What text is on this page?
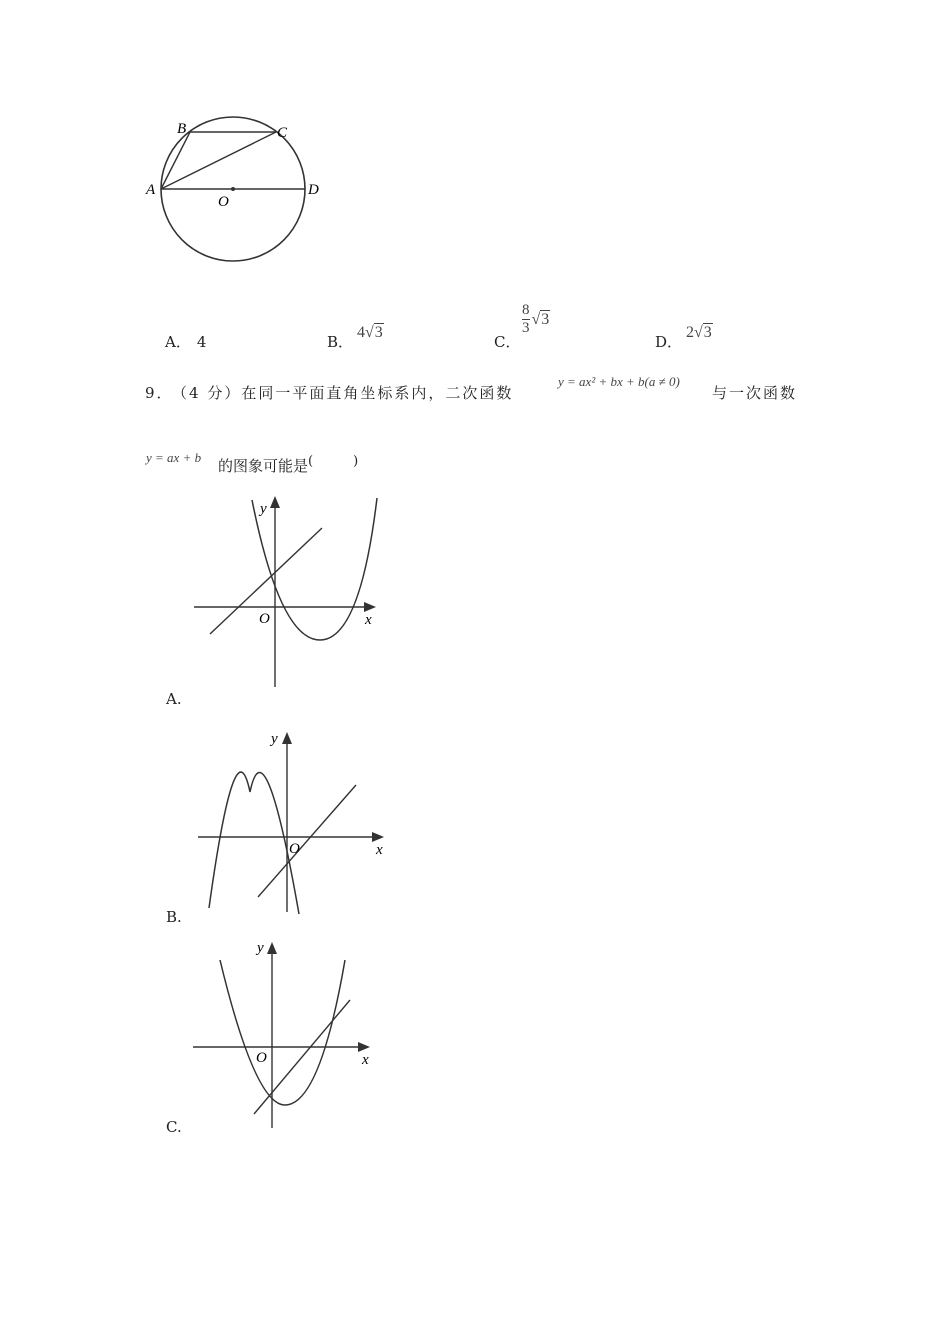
B	C
A	D
O
A． 4	B．
4√3
C．
$\frac{8}{3} √3$
D．
2√3
9． （4 分）在同一平面直角坐标系内，二次函数
y = ax² + bx + b(a ≠ 0)
与一次函数
y = ax + b 的图象可能是(	)
y
x
O
A.
y
x
O
B.
y
x
O
C.
